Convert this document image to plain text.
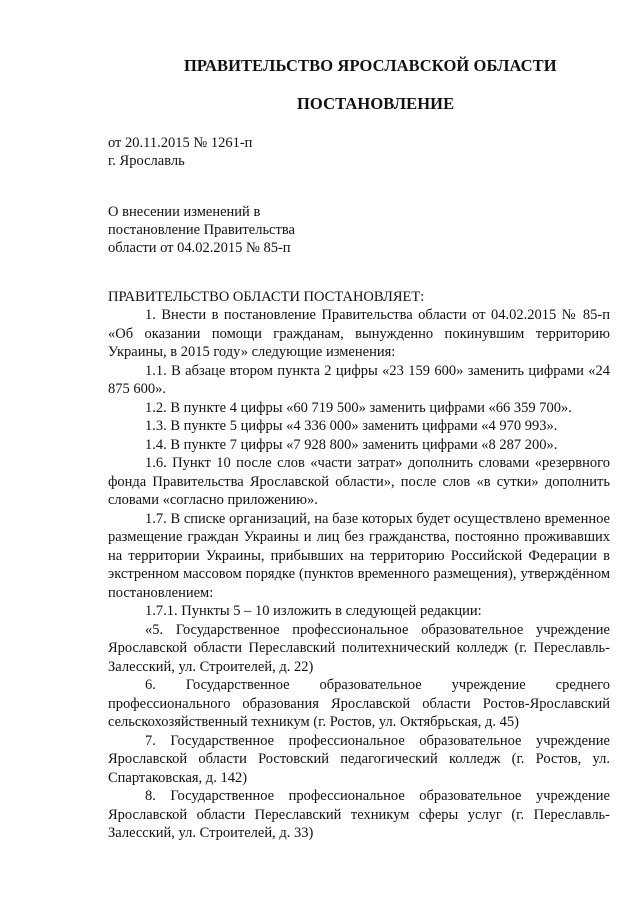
ПРАВИТЕЛЬСТВО ЯРОСЛАВСКОЙ ОБЛАСТИ
ПОСТАНОВЛЕНИЕ
от 20.11.2015 № 1261-п
г. Ярославль
О внесении изменений в
постановление Правительства
области от 04.02.2015 № 85-п
ПРАВИТЕЛЬСТВО ОБЛАСТИ ПОСТАНОВЛЯЕТ:

1. Внести в постановление Правительства области от 04.02.2015 № 85-п «Об оказании помощи гражданам, вынужденно покинувшим территорию Украины, в 2015 году» следующие изменения:

1.1. В абзаце втором пункта 2 цифры «23 159 600» заменить цифрами «24 875 600».

1.2. В пункте 4 цифры «60 719 500» заменить цифрами «66 359 700».

1.3. В пункте 5 цифры «4 336 000» заменить цифрами «4 970 993».

1.4. В пункте 7 цифры «7 928 800» заменить цифрами «8 287 200».

1.6. Пункт 10 после слов «части затрат» дополнить словами «резервного фонда Правительства Ярославской области», после слов «в сутки» дополнить словами «согласно приложению».

1.7. В списке организаций, на базе которых будет осуществлено временное размещение граждан Украины и лиц без гражданства, постоянно проживавших на территории Украины, прибывших на территорию Российской Федерации в экстренном массовом порядке (пунктов временного размещения), утверждённом постановлением:

1.7.1. Пункты 5 – 10 изложить в следующей редакции:

«5. Государственное профессиональное образовательное учреждение Ярославской области Переславский политехнический колледж (г. Переславль-Залесский, ул. Строителей, д. 22)

6. Государственное образовательное учреждение среднего профессионального образования Ярославской области Ростов-Ярославский сельскохозяйственный техникум (г. Ростов, ул. Октябрьская, д. 45)

7. Государственное профессиональное образовательное учреждение Ярославской области Ростовский педагогический колледж (г. Ростов, ул. Спартаковская, д. 142)

8. Государственное профессиональное образовательное учреждение Ярославской области Переславский техникум сферы услуг (г. Переславль-Залесский, ул. Строителей, д. 33)
